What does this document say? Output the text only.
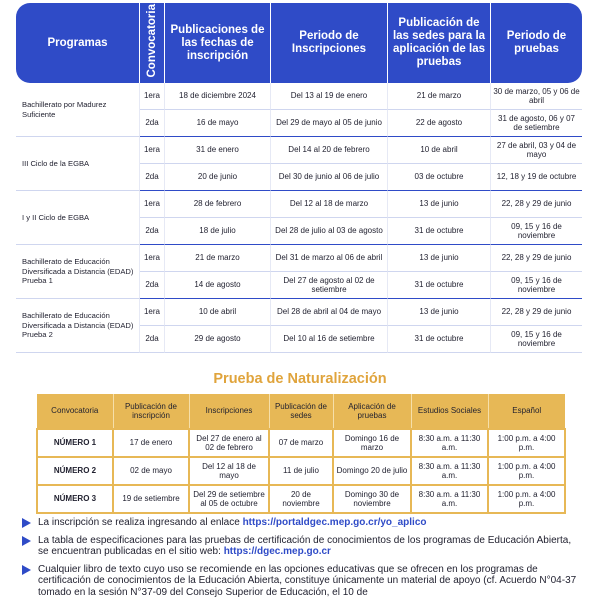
Programas	Convocatoria	Publicaciones de las fechas de inscripción	Periodo de Inscripciones	Publicación de las sedes para la aplicación de las pruebas	Periodo de pruebas
Bachillerato por Madurez Suficiente	1era	18 de diciembre 2024	Del 13 al 19 de enero	21 de marzo	30 de marzo, 05 y 06 de abril
	2da	16 de mayo	Del 29 de mayo al 05 de junio	22 de agosto	31 de agosto, 06 y 07 de setiembre
III Ciclo de la EGBA	1era	31 de enero	Del 14 al 20 de febrero	10 de abril	27 de abril, 03 y 04 de mayo
	2da	20 de junio	Del 30 de junio al 06 de julio	03 de octubre	12, 18 y 19 de octubre
I y II Ciclo de EGBA	1era	28 de febrero	Del 12 al 18 de marzo	13 de junio	22, 28 y 29 de junio
	2da	18 de julio	Del 28 de julio al 03 de agosto	31 de octubre	09, 15 y 16 de noviembre
Bachillerato de Educación Diversificada a Distancia (EDAD) Prueba 1	1era	21 de marzo	Del 31 de marzo al 06 de abril	13 de junio	22, 28 y 29 de junio
	2da	14 de agosto	Del 27 de agosto al 02 de setiembre	31 de octubre	09, 15 y 16 de noviembre
Bachillerato de Educación Diversificada a Distancia (EDAD) Prueba 2	1era	10 de abril	Del 28 de abril al 04 de mayo	13 de junio	22, 28 y 29 de junio
	2da	29 de agosto	Del 10 al 16 de setiembre	31 de octubre	09, 15 y 16 de noviembre
Prueba de Naturalización
Convocatoria	Publicación de inscripción	Inscripciones	Publicación de sedes	Aplicación de pruebas	Estudios Sociales	Español
NÚMERO 1	17 de enero	Del 27 de enero al 02 de febrero	07 de marzo	Domingo 16 de marzo	8:30 a.m. a 11:30 a.m.	1:00 p.m. a 4:00 p.m.
NÚMERO 2	02 de mayo	Del 12 al 18 de mayo	11 de julio	Domingo 20 de julio	8:30 a.m. a 11:30 a.m.	1:00 p.m. a 4:00 p.m.
NÚMERO 3	19 de setiembre	Del 29 de setiembre al 05 de octubre	20 de noviembre	Domingo 30 de noviembre	8:30 a.m. a 11:30 a.m.	1:00 p.m. a 4:00 p.m.
La inscripción se realiza ingresando al enlace https://portaldgec.mep.go.cr/yo_aplico
La tabla de especificaciones para las pruebas de certificación de conocimientos de los programas de Educación Abierta, se encuentran publicadas en el sitio web: https://dgec.mep.go.cr
Cualquier libro de texto cuyo uso se recomiende en las opciones educativas que se ofrecen en los programas de certificación de conocimientos de la Educación Abierta, constituye únicamente un material de apoyo (cf. Acuerdo N°04-37 tomado en la sesión N°37-09 del Consejo Superior de Educación, el 10 de
